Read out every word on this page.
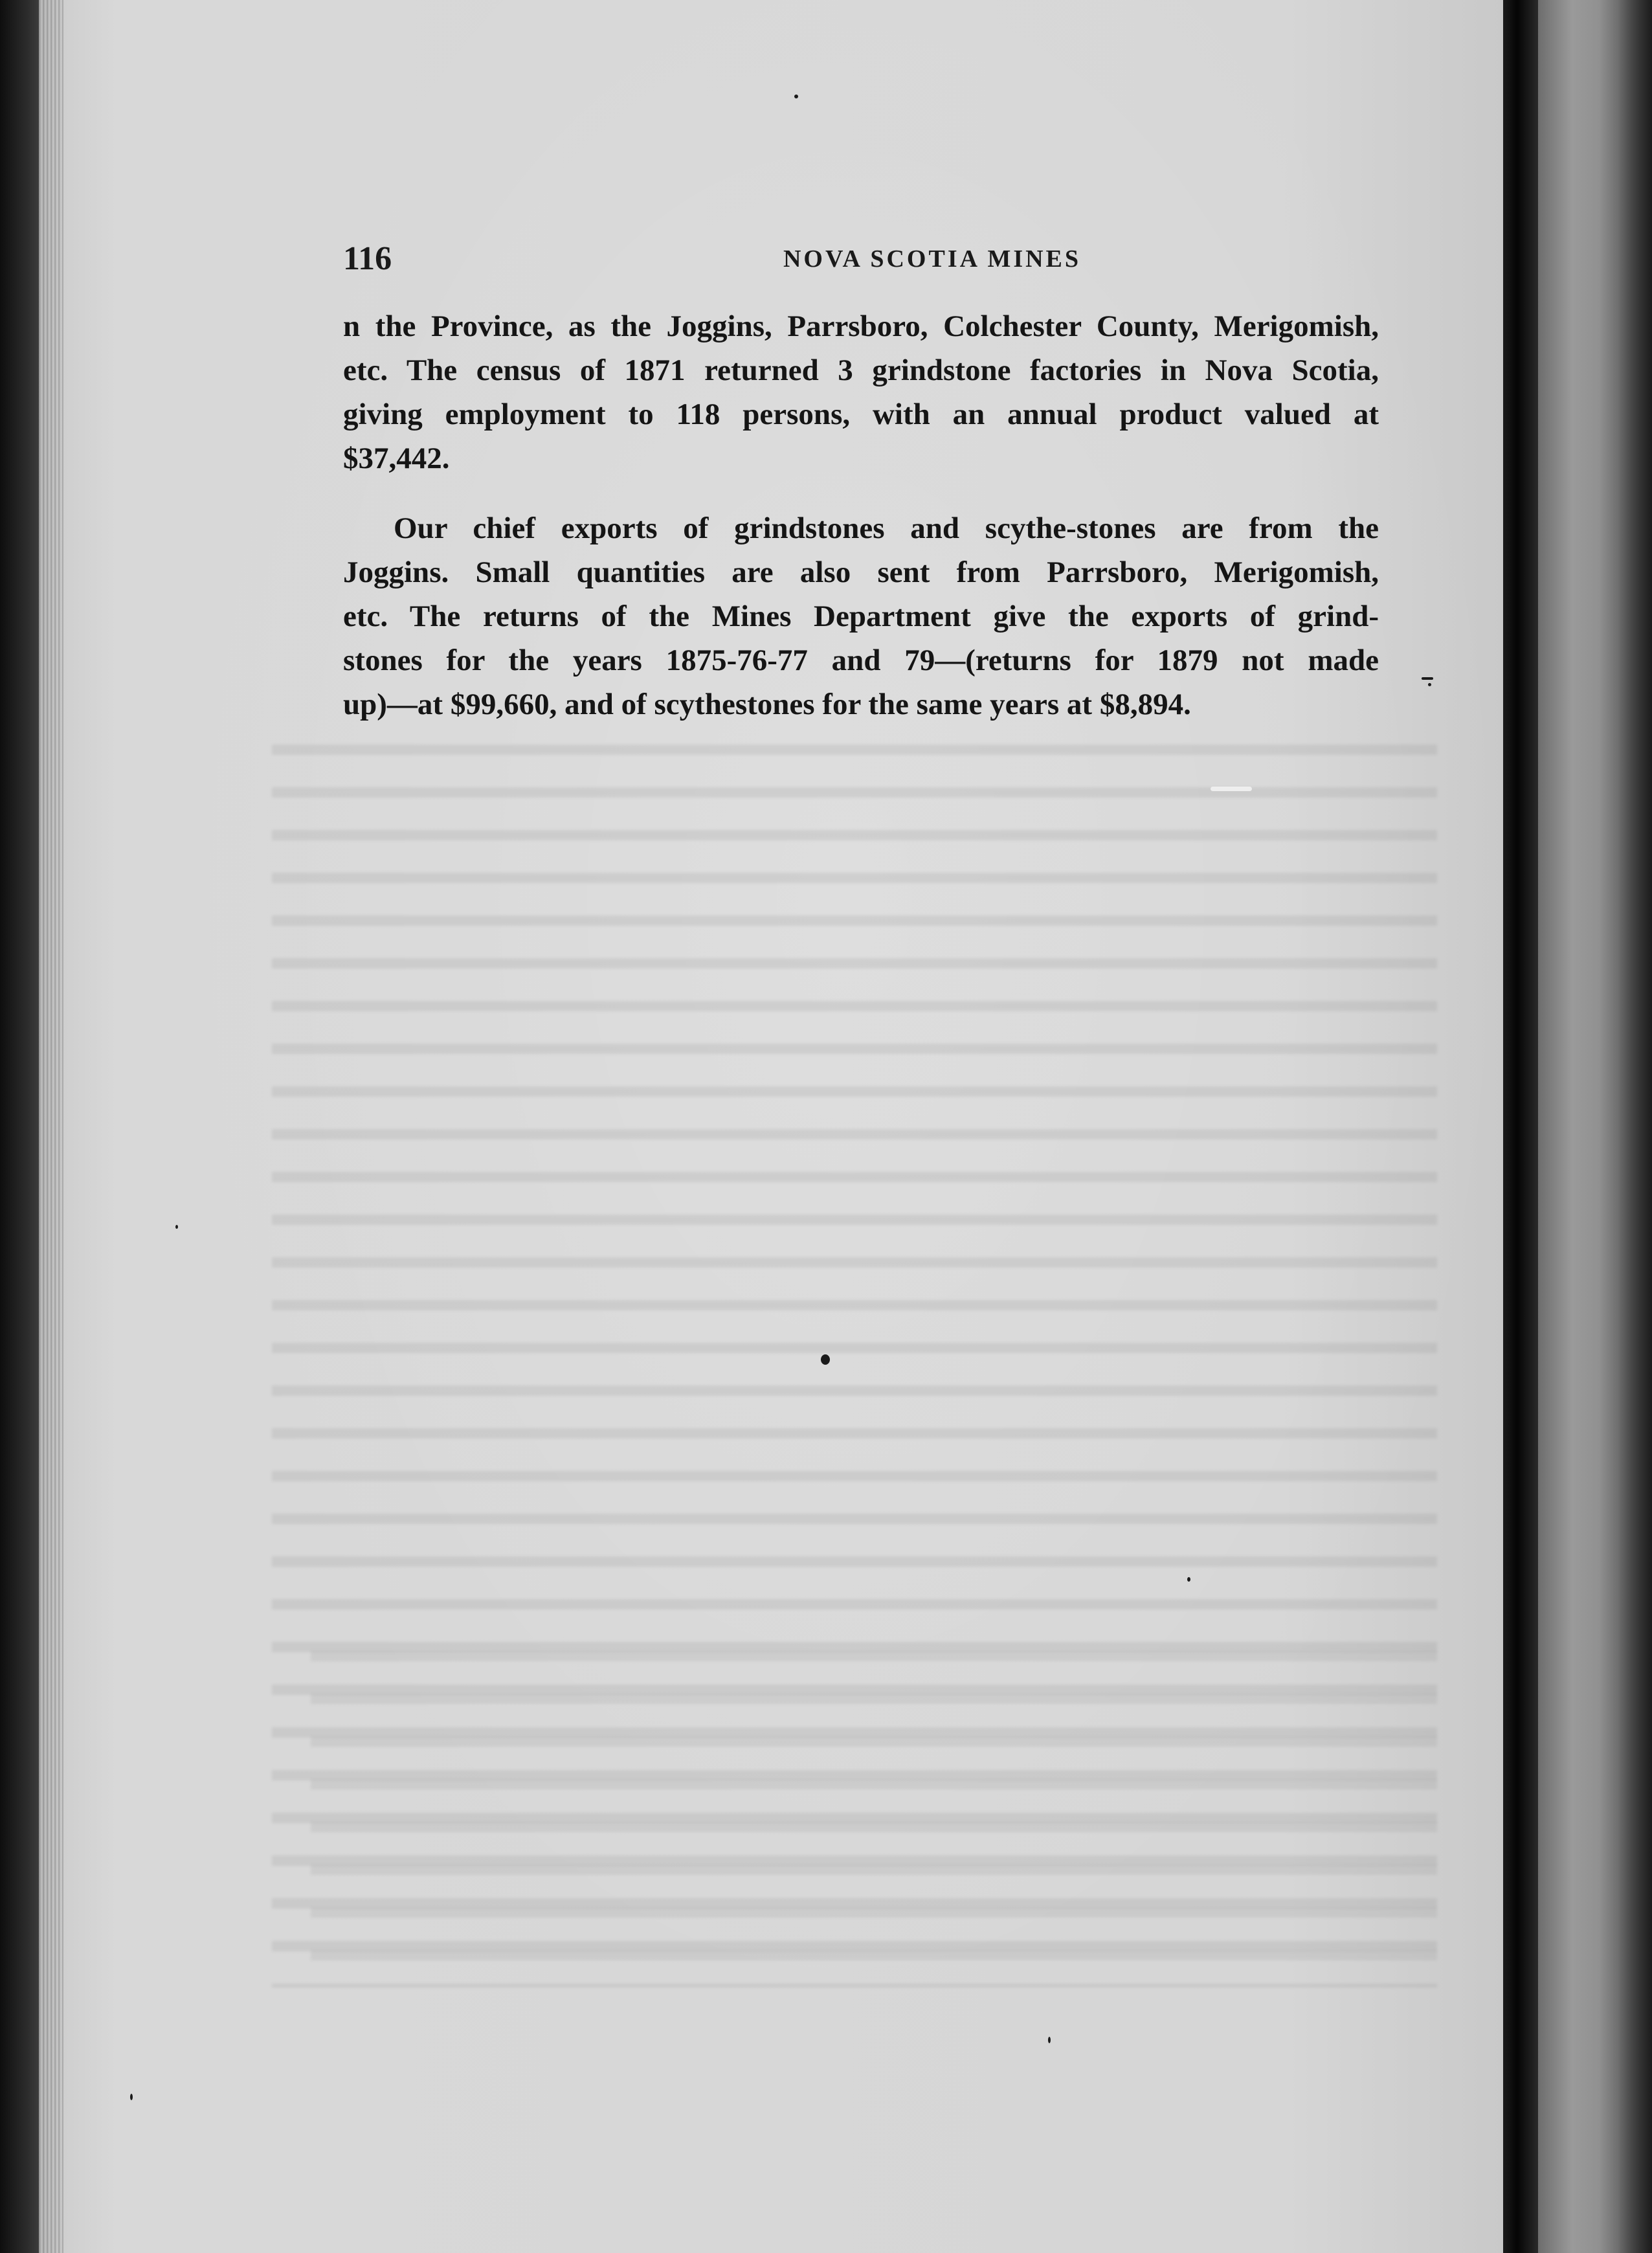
116	NOVA SCOTIA MINES

n the Province, as the Joggins, Parrsboro, Colchester County, Merigomish,
etc. The census of 1871 returned 3 grindstone factories in Nova Scotia,
giving employment to 118 persons, with an annual product valued at
$37,442.

Our chief exports of grindstones and scythe-stones are from the
Joggins. Small quantities are also sent from Parrsboro, Merigomish,
etc. The returns of the Mines Department give the exports of grind-
stones for the years 1875-76-77 and 79—(returns for 1879 not made
up)—at $99,660, and of scythestones for the same years at $8,894.
